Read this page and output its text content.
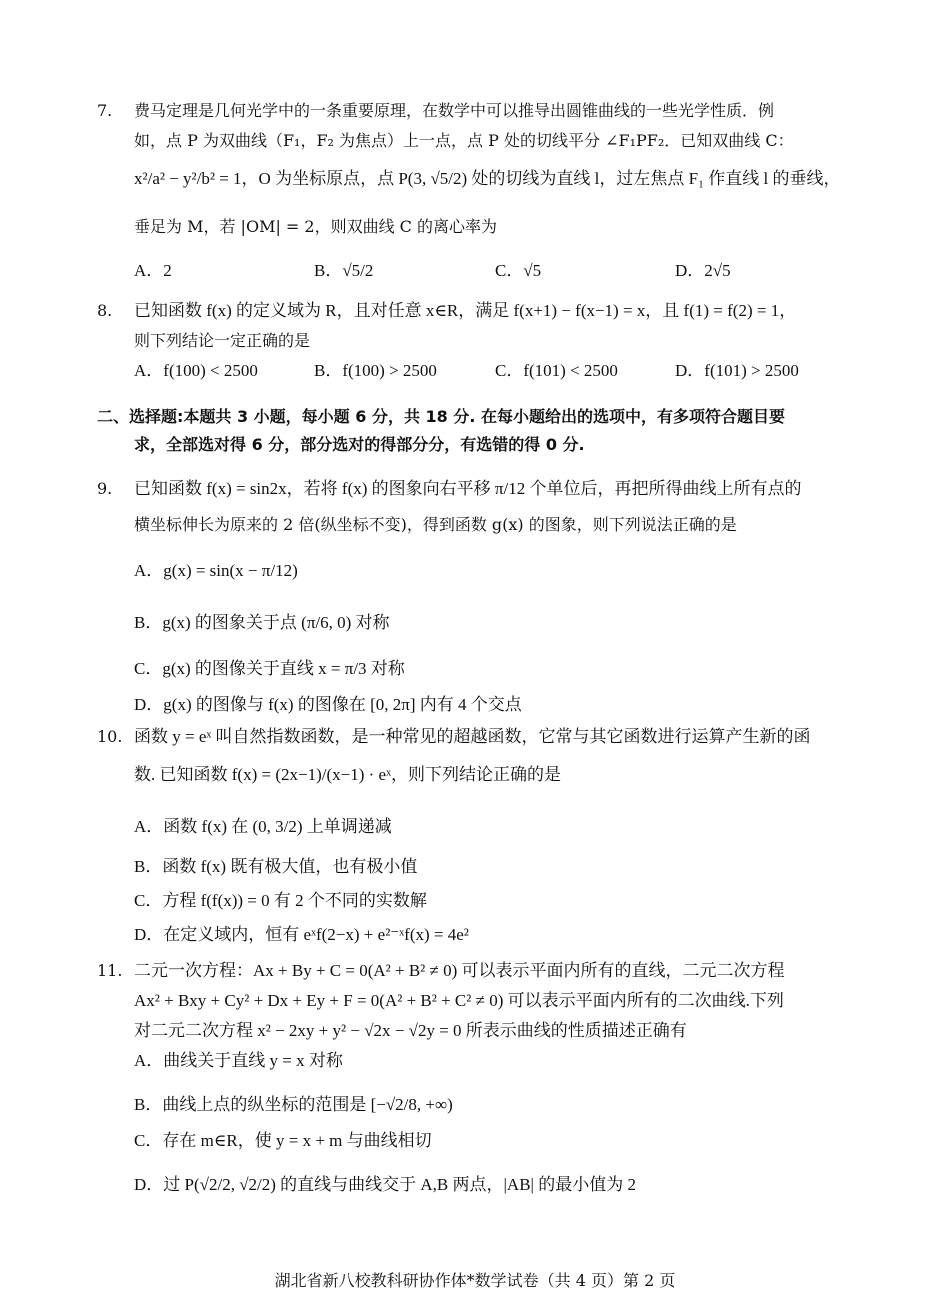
7. 费马定理是几何光学中的一条重要原理，在数学中可以推导出圆锥曲线的一些光学性质．例
如，点 P 为双曲线（F₁，F₂ 为焦点）上一点，点 P 处的切线平分 ∠F₁PF₂．已知双曲线 C：
x²/a² − y²/b² = 1，O 为坐标原点，点 P(3, √5/2) 处的切线为直线 l，过左焦点 F₁ 作直线 l 的垂线，
垂足为 M，若 |OM| = 2，则双曲线 C 的离心率为
A．2	B．√5/2	C．√5	D．2√5
8. 已知函数 f(x) 的定义域为 R，且对任意 x∈R，满足 f(x+1) − f(x−1) = x，且 f(1) = f(2) = 1，
则下列结论一定正确的是
A．f(100) < 2500	B．f(100) > 2500	C．f(101) < 2500	D．f(101) > 2500
二、选择题:本题共 3 小题，每小题 6 分，共 18 分. 在每小题给出的选项中，有多项符合题目要
求，全部选对得 6 分，部分选对的得部分分，有选错的得 0 分.
9. 已知函数 f(x) = sin2x，若将 f(x) 的图象向右平移 π/12 个单位后，再把所得曲线上所有点的
横坐标伸长为原来的 2 倍(纵坐标不变)，得到函数 g(x) 的图象，则下列说法正确的是
A．g(x) = sin(x − π/12)
B．g(x) 的图象关于点 (π/6, 0) 对称
C．g(x) 的图像关于直线 x = π/3 对称
D．g(x) 的图像与 f(x) 的图像在 [0, 2π] 内有 4 个交点
10. 函数 y = eˣ 叫自然指数函数，是一种常见的超越函数，它常与其它函数进行运算产生新的函
数. 已知函数 f(x) = (2x−1)/(x−1) · eˣ，则下列结论正确的是
A．函数 f(x) 在 (0, 3/2) 上单调递减
B．函数 f(x) 既有极大值，也有极小值
C．方程 f(f(x)) = 0 有 2 个不同的实数解
D．在定义域内，恒有 eˣf(2−x) + e²⁻ˣf(x) = 4e²
11. 二元一次方程：Ax + By + C = 0(A² + B² ≠ 0) 可以表示平面内所有的直线，二元二次方程
Ax² + Bxy + Cy² + Dx + Ey + F = 0(A² + B² + C² ≠ 0) 可以表示平面内所有的二次曲线.下列
对二元二次方程 x² − 2xy + y² − √2x − √2y = 0 所表示曲线的性质描述正确有
A．曲线关于直线 y = x 对称
B．曲线上点的纵坐标的范围是 [−√2/8, +∞)
C．存在 m∈R，使 y = x + m 与曲线相切
D．过 P(√2/2, √2/2) 的直线与曲线交于 A,B 两点，|AB| 的最小值为 2
湖北省新八校教科研协作体*数学试卷（共 4 页）第 2 页
